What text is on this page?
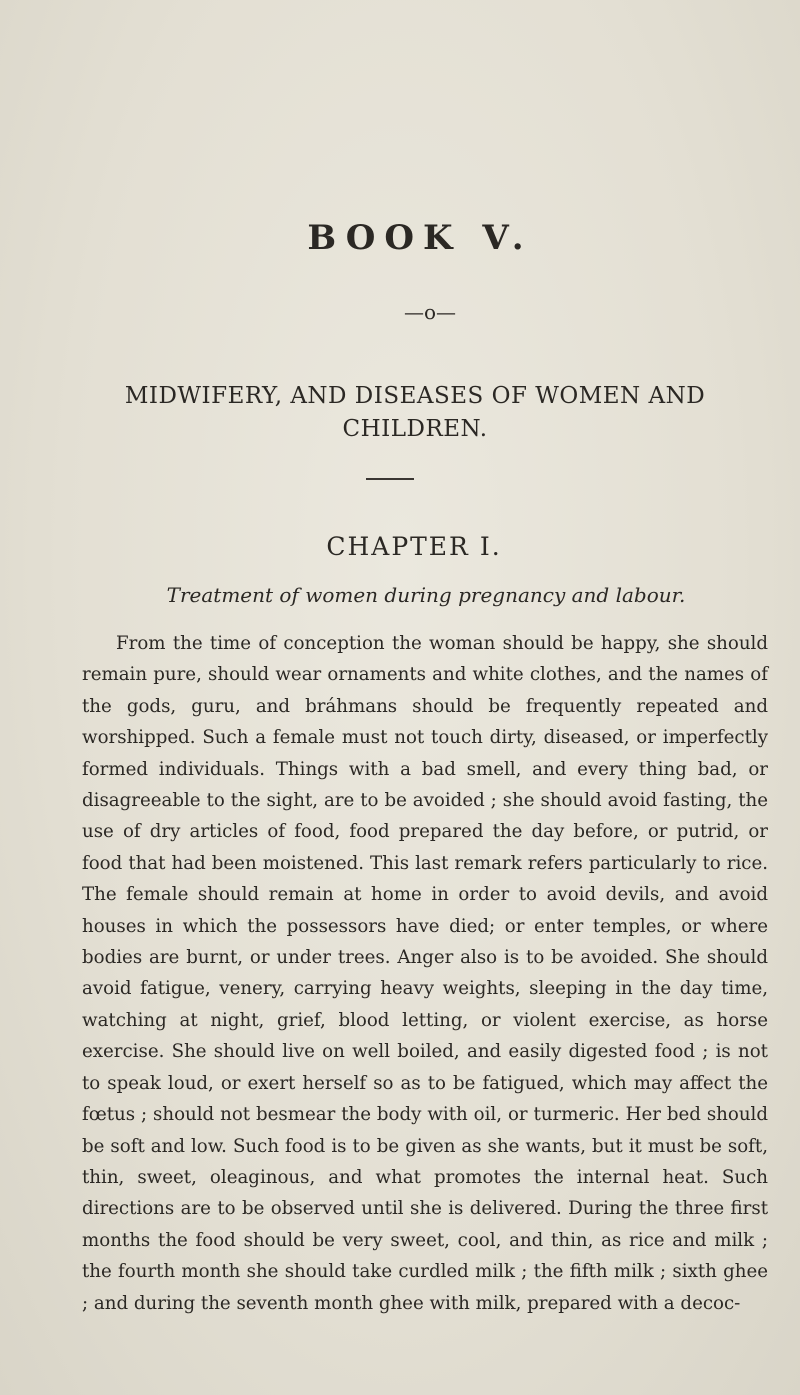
BOOK V.
—o—
MIDWIFERY, AND DISEASES OF WOMEN AND CHILDREN.
CHAPTER I.
Treatment of women during pregnancy and labour.

From the time of conception the woman should be happy, she should remain pure, should wear ornaments and white clothes, and the names of the gods, guru, and bráhmans should be frequently repeated and worshipped. Such a female must not touch dirty, diseased, or imperfectly formed individuals. Things with a bad smell, and every thing bad, or disagreeable to the sight, are to be avoided ; she should avoid fasting, the use of dry articles of food, food prepared the day before, or putrid, or food that had been moistened. This last remark refers particularly to rice. The female should remain at home in order to avoid devils, and avoid houses in which the possessors have died; or enter temples, or where bodies are burnt, or under trees. Anger also is to be avoided. She should avoid fatigue, venery, carrying heavy weights, sleeping in the day time, watching at night, grief, blood letting, or violent exercise, as horse exercise. She should live on well boiled, and easily digested food ; is not to speak loud, or exert herself so as to be fatigued, which may affect the fœtus ; should not besmear the body with oil, or turmeric. Her bed should be soft and low. Such food is to be given as she wants, but it must be soft, thin, sweet, oleaginous, and what promotes the internal heat. Such directions are to be observed until she is delivered. During the three first months the food should be very sweet, cool, and thin, as rice and milk ; the fourth month she should take curdled milk ; the fifth milk ; sixth ghee ; and during the seventh month ghee with milk, prepared with a decoc-
